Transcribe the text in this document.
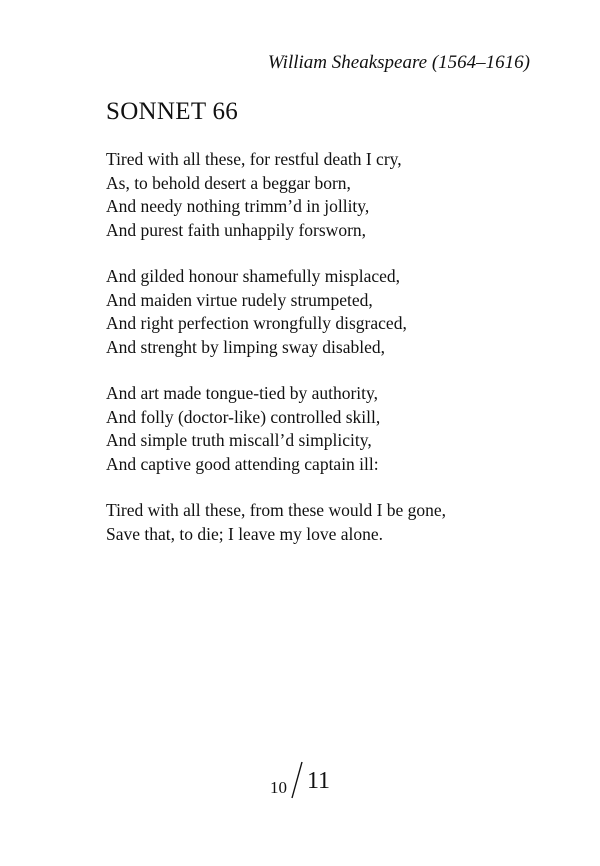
William Sheakspeare (1564–1616)
SONNET 66
Tired with all these, for restful death I cry,
As, to behold desert a beggar born,
And needy nothing trimm’d in jollity,
And purest faith unhappily forsworn,
And gilded honour shamefully misplaced,
And maiden virtue rudely strumpeted,
And right perfection wrongfully disgraced,
And strenght by limping sway disabled,
And art made tongue-tied by authority,
And folly (doctor-like) controlled skill,
And simple truth miscall’d simplicity,
And captive good attending captain ill:
Tired with all these, from these would I be gone,
Save that, to die; I leave my love alone.
10 11
